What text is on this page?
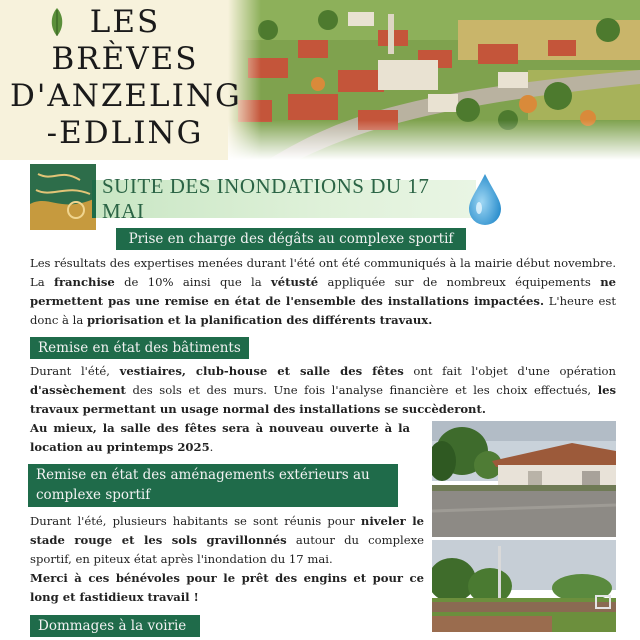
LES
BRÈVES
D'ANZELING
-EDLING
SUITE DES INONDATIONS DU 17 MAI
Prise en charge des dégâts au complexe sportif

Les résultats des expertises menées durant l'été ont été communiqués à la mairie début novembre. La franchise de 10% ainsi que la vétusté appliquée sur de nombreux équipements ne permettent pas une remise en état de l'ensemble des installations impactées. L'heure est donc à la priorisation et la planification des différents travaux.

Remise en état des bâtiments

Durant l'été, vestiaires, club-house et salle des fêtes ont fait l'objet d'une opération d'assèchement des sols et des murs. Une fois l'analyse financière et les choix effectués, les travaux permettant un usage normal des installations se succèderont.

Au mieux, la salle des fêtes sera à nouveau ouverte à la location au printemps 2025.

Remise en état des aménagements extérieurs au
complexe sportif

Durant l'été, plusieurs habitants se sont réunis pour niveler le stade rouge et les sols gravillonnés autour du complexe sportif, en piteux état après l'inondation du 17 mai.

Merci à ces bénévoles pour le prêt des engins et pour ce long et fastidieux travail !

Dommages à la voirie
